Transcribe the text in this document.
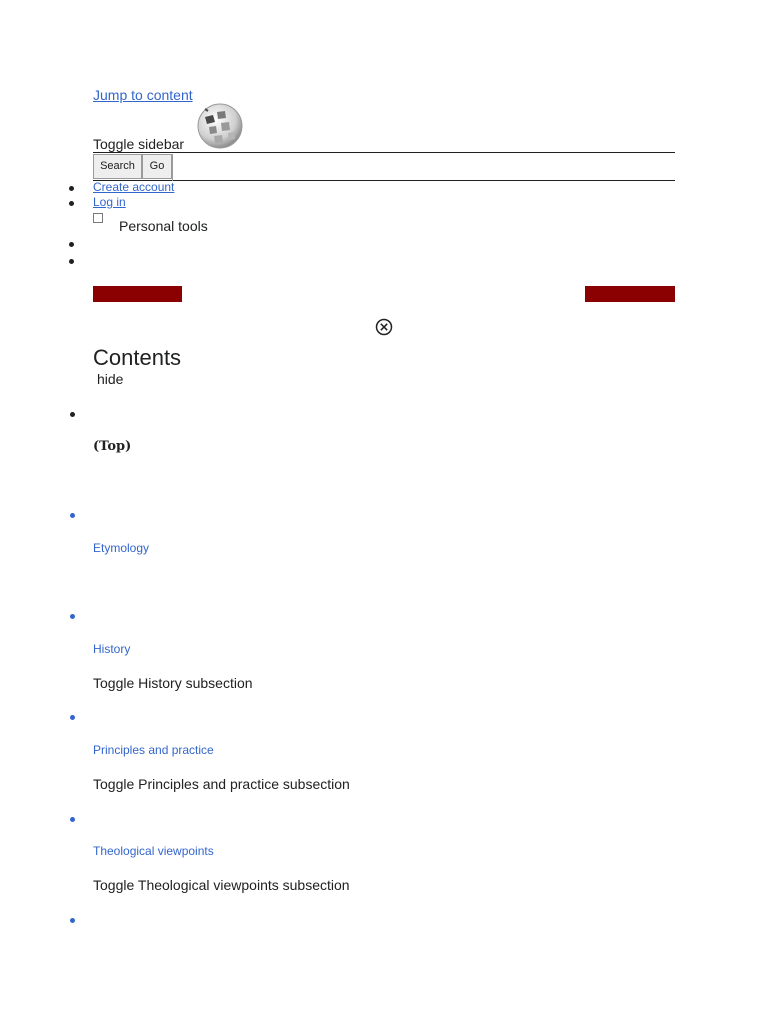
Jump to content
Toggle sidebar
Search	Go
Create account
Log in
Personal tools
Contents
hide
(Top)
Etymology
History
Toggle History subsection
Principles and practice
Toggle Principles and practice subsection
Theological viewpoints
Toggle Theological viewpoints subsection
